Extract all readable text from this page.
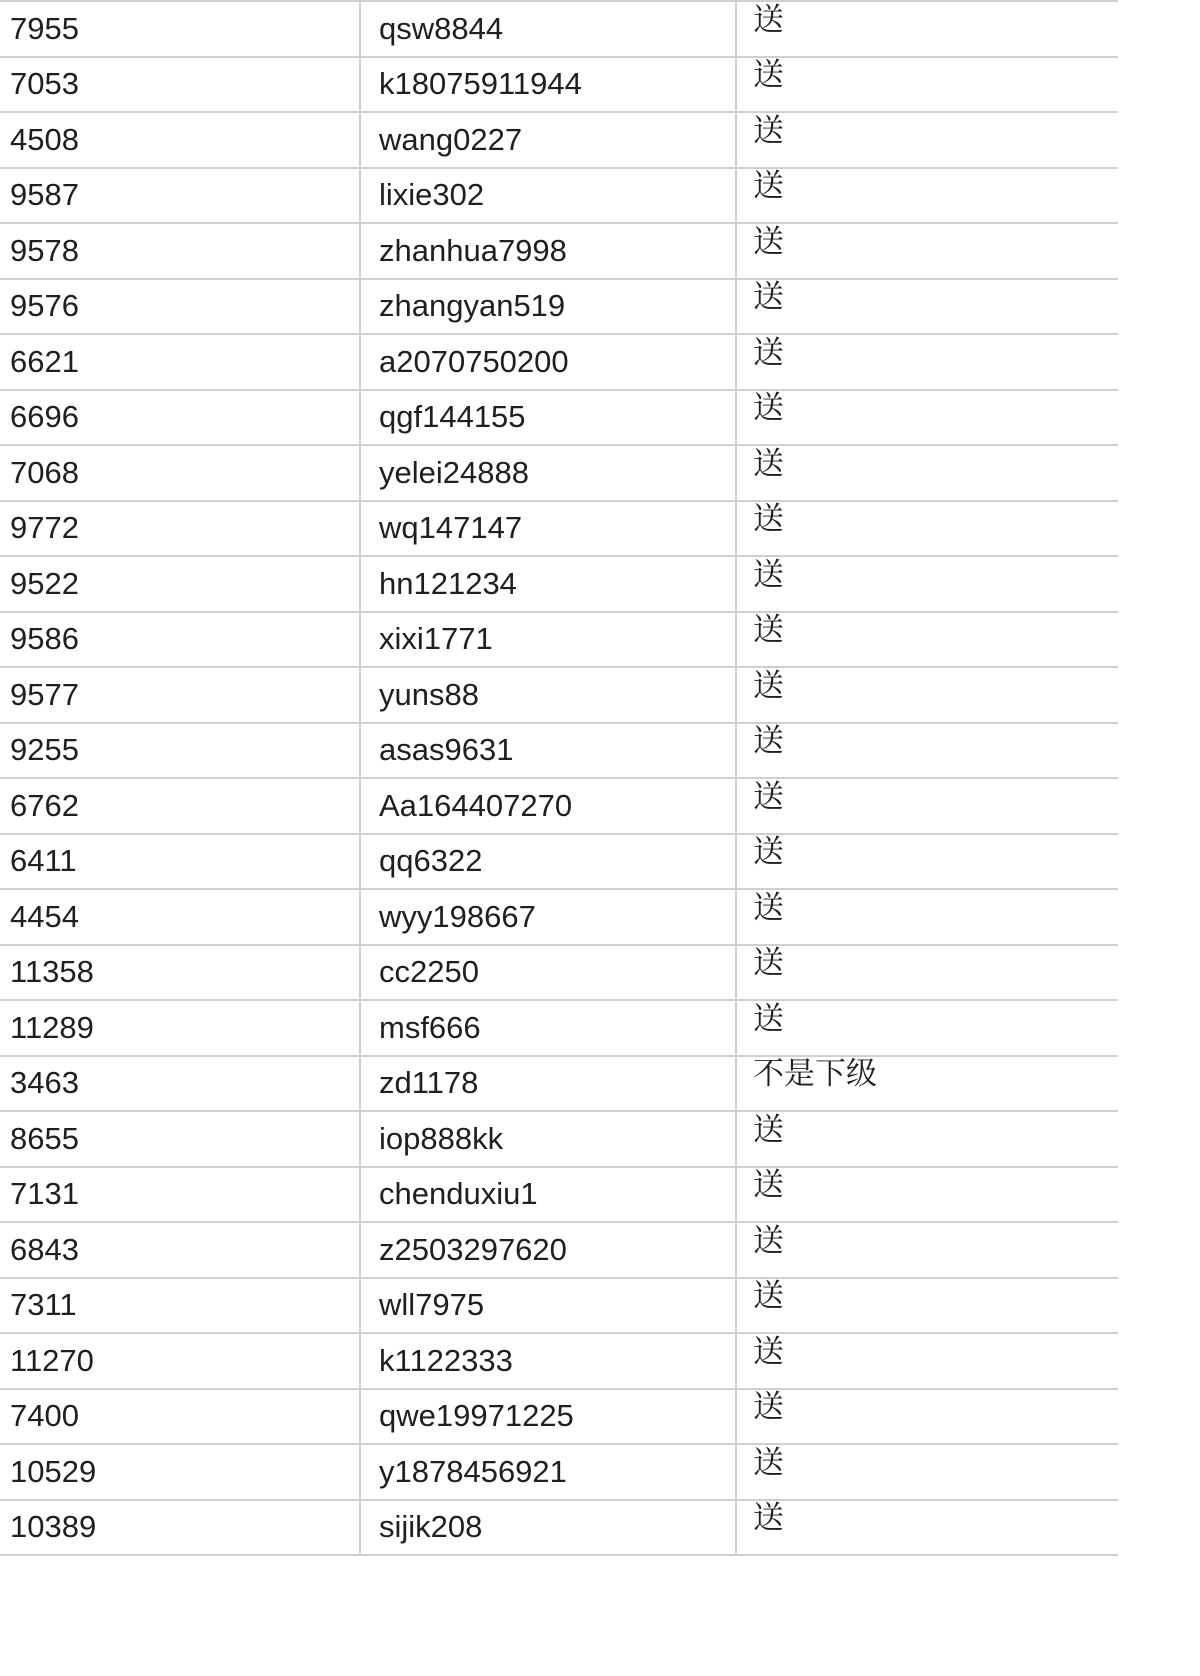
7955	qsw8844	送

7053	k18075911944	送

4508	wang0227	送

9587	lixie302	送

9578	zhanhua7998	送

9576	zhangyan519	送

6621	a2070750200	送

6696	qgf144155	送

7068	yelei24888	送

9772	wq147147	送

9522	hn121234	送

9586	xixi1771	送

9577	yuns88	送

9255	asas9631	送

6762	Aa164407270	送

6411	qq6322	送

4454	wyy198667	送

11358	cc2250	送

11289	msf666	送

3463	zd1178	不是下级

8655	iop888kk	送

7131	chenduxiu1	送

6843	z2503297620	送

7311	wll7975	送

11270	k1122333	送

7400	qwe19971225	送

10529	y1878456921	送

10389	sijik208	送
